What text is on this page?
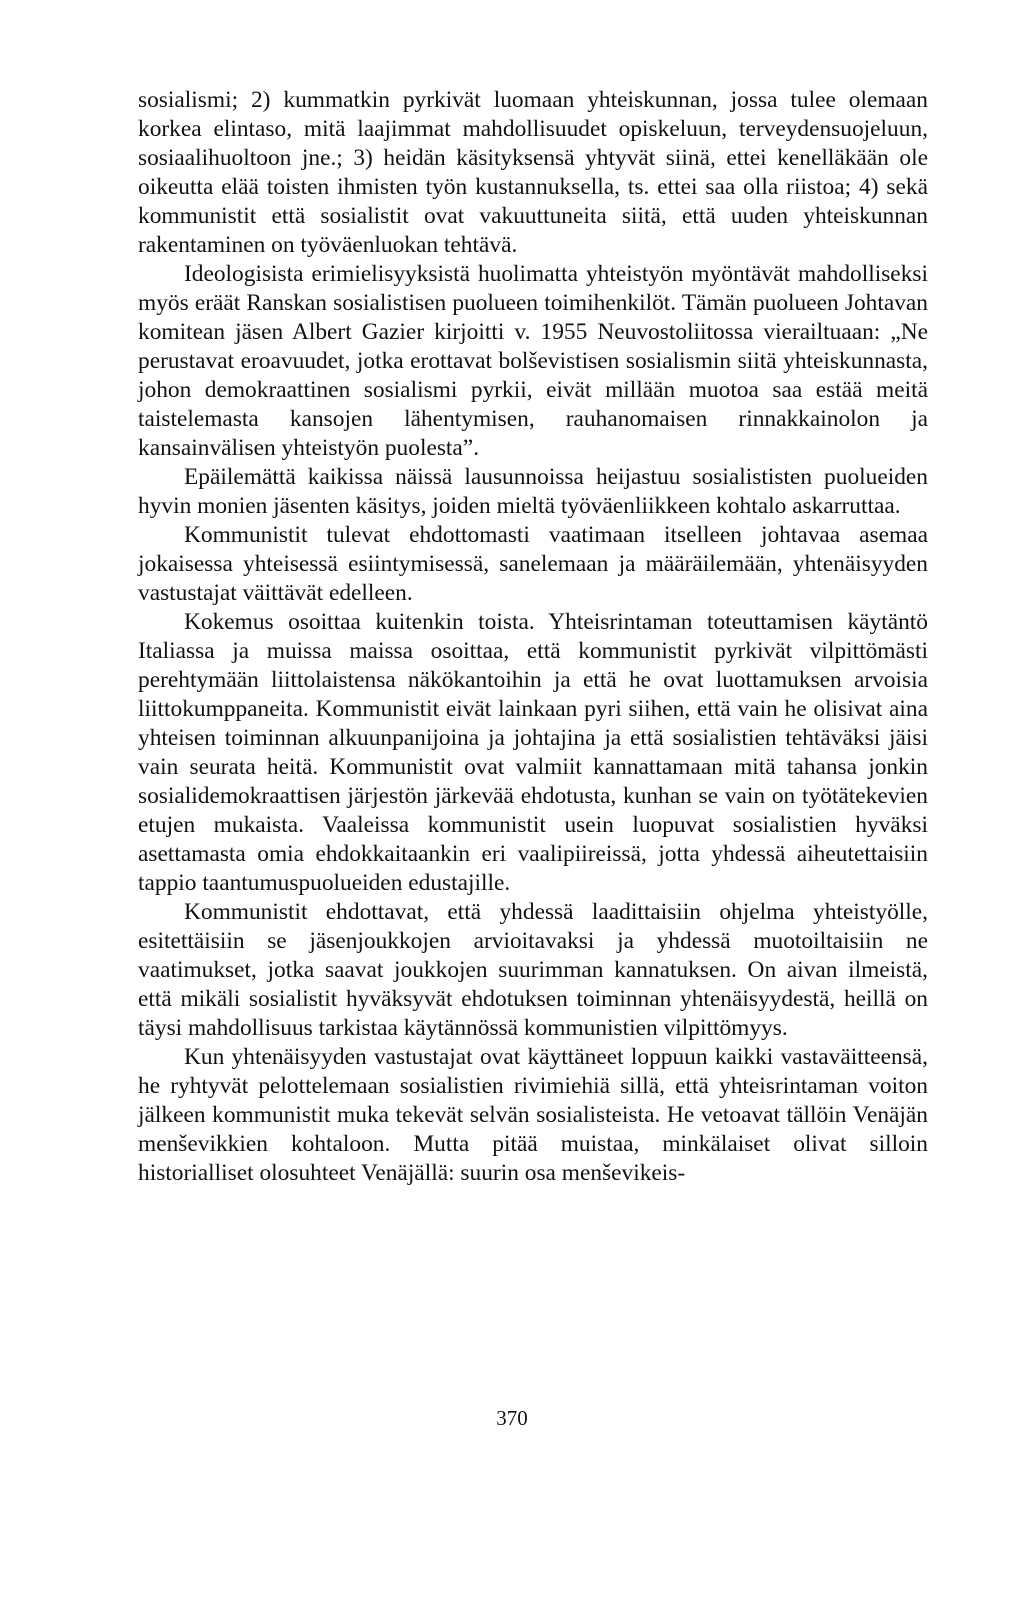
sosialismi; 2) kummatkin pyrkivät luomaan yhteiskunnan, jossa tulee olemaan korkea elintaso, mitä laajimmat mahdollisuudet opiskeluun, terveydensuojeluun, sosiaalihuoltoon jne.; 3) heidän käsityksensä yhtyvät siinä, ettei kenelläkään ole oikeutta elää toisten ihmisten työn kustannuksella, ts. ettei saa olla riistoa; 4) sekä kommunistit että sosialistit ovat vakuuttuneita siitä, että uuden yhteiskunnan rakentaminen on työväenluokan tehtävä.

Ideologisista erimielisyyksistä huolimatta yhteistyön myöntävät mahdolliseksi myös eräät Ranskan sosialistisen puolueen toimihenkilöt. Tämän puolueen Johtavan komitean jäsen Albert Gazier kirjoitti v. 1955 Neuvostoliitossa vierailtuaan: „Ne perustavat eroavuudet, jotka erottavat bolševistisen sosialismin siitä yhteiskunnasta, johon demokraattinen sosialismi pyrkii, eivät millään muotoa saa estää meitä taistelemasta kansojen lähentymisen, rauhanomaisen rinnakkainolon ja kansainvälisen yhteistyön puolesta”.

Epäilemättä kaikissa näissä lausunnoissa heijastuu sosialististen puolueiden hyvin monien jäsenten käsitys, joiden mieltä työväenliikkeen kohtalo askarruttaa.

Kommunistit tulevat ehdottomasti vaatimaan itselleen johtavaa asemaa jokaisessa yhteisessä esiintymisessä, sanelemaan ja määräilemään, yhtenäisyyden vastustajat väittävät edelleen.

Kokemus osoittaa kuitenkin toista. Yhteisrintaman toteuttamisen käytäntö Italiassa ja muissa maissa osoittaa, että kommunistit pyrkivät vilpittömästi perehtymään liittolaistensa näkökantoihin ja että he ovat luottamuksen arvoisia liittokumppaneita. Kommunistit eivät lainkaan pyri siihen, että vain he olisivat aina yhteisen toiminnan alkuunpanijoina ja johtajina ja että sosialistien tehtäväksi jäisi vain seurata heitä. Kommunistit ovat valmiit kannattamaan mitä tahansa jonkin sosialidemokraattisen järjestön järkevää ehdotusta, kunhan se vain on työtätekevien etujen mukaista. Vaaleissa kommunistit usein luopuvat sosialistien hyväksi asettamasta omia ehdokkaitaankin eri vaalipiireissä, jotta yhdessä aiheutettaisiin tappio taantumuspuolueiden edustajille.

Kommunistit ehdottavat, että yhdessä laadittaisiin ohjelma yhteistyölle, esitettäisiin se jäsenjoukkojen arvioitavaksi ja yhdessä muotoiltaisiin ne vaatimukset, jotka saavat joukkojen suurimman kannatuksen. On aivan ilmeistä, että mikäli sosialistit hyväksyvät ehdotuksen toiminnan yhtenäisyydestä, heillä on täysi mahdollisuus tarkistaa käytännössä kommunistien vilpittömyys.

Kun yhtenäisyyden vastustajat ovat käyttäneet loppuun kaikki vastaväitteensä, he ryhtyvät pelottelemaan sosialistien rivimiehiä sillä, että yhteisrintaman voiton jälkeen kommunistit muka tekevät selvän sosialisteista. He vetoavat tällöin Venäjän menševikkien kohtaloon. Mutta pitää muistaa, minkälaiset olivat silloin historialliset olosuhteet Venäjällä: suurin osa menševikeis-

370
